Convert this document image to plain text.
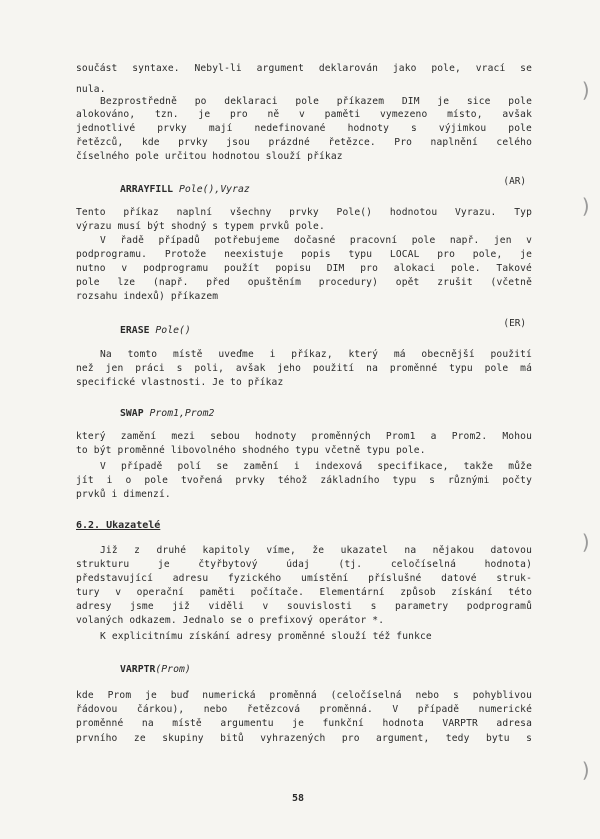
součást syntaxe. Nebyl-li argument deklarován jako pole, vrací se
nula.
Bezprostředně po deklaraci pole příkazem DIM je sice pole
alokováno, tzn. je pro ně v paměti vymezeno místo, avšak
jednotlivé prvky mají nedefinované hodnoty s výjimkou pole
řetězců, kde prvky jsou prázdné řetězce. Pro naplnění celého
číselného pole určitou hodnotou slouží příkaz
(AR)
ARRAYFILL Pole(),Vyraz
Tento příkaz naplní všechny prvky Pole() hodnotou Vyrazu. Typ
výrazu musí být shodný s typem prvků pole.
V řadě případů potřebujeme dočasné pracovní pole např. jen v
podprogramu. Protože neexistuje popis typu LOCAL pro pole, je
nutno v podprogramu použít popisu DIM pro alokaci pole. Takové
pole lze (např. před opuštěním procedury) opět zrušit (včetně
rozsahu indexů) příkazem
(ER)
ERASE Pole()
Na tomto místě uveďme i příkaz, který má obecnější použití
než jen práci s poli, avšak jeho použití na proměnné typu pole má
specifické vlastnosti. Je to příkaz
SWAP Prom1,Prom2
který zamění mezi sebou hodnoty proměnných Prom1 a Prom2. Mohou
to být proměnné libovolného shodného typu včetně typu pole.
V případě polí se zamění i indexová specifikace, takže může
jít i o pole tvořená prvky téhož základního typu s různými počty
prvků i dimenzí.
6.2. Ukazatelé
Již z druhé kapitoly víme, že ukazatel na nějakou datovou
strukturu je čtyřbytový údaj (tj. celočíselná hodnota)
představující adresu fyzického umístění příslušné datové struk-
tury v operační paměti počítače. Elementární způsob získání této
adresy jsme již viděli v souvislosti s parametry podprogramů
volaných odkazem. Jednalo se o prefixový operátor *.
K explicitnímu získání adresy proměnné slouží též funkce
VARPTR(Prom)
kde Prom je buď numerická proměnná (celočíselná nebo s pohyblivou
řádovou čárkou), nebo řetězcová proměnná. V případě numerické
proměnné na místě argumentu je funkční hodnota VARPTR adresa
prvního ze skupiny bitů vyhrazených pro argument, tedy bytu s
58
)
)
)
)
